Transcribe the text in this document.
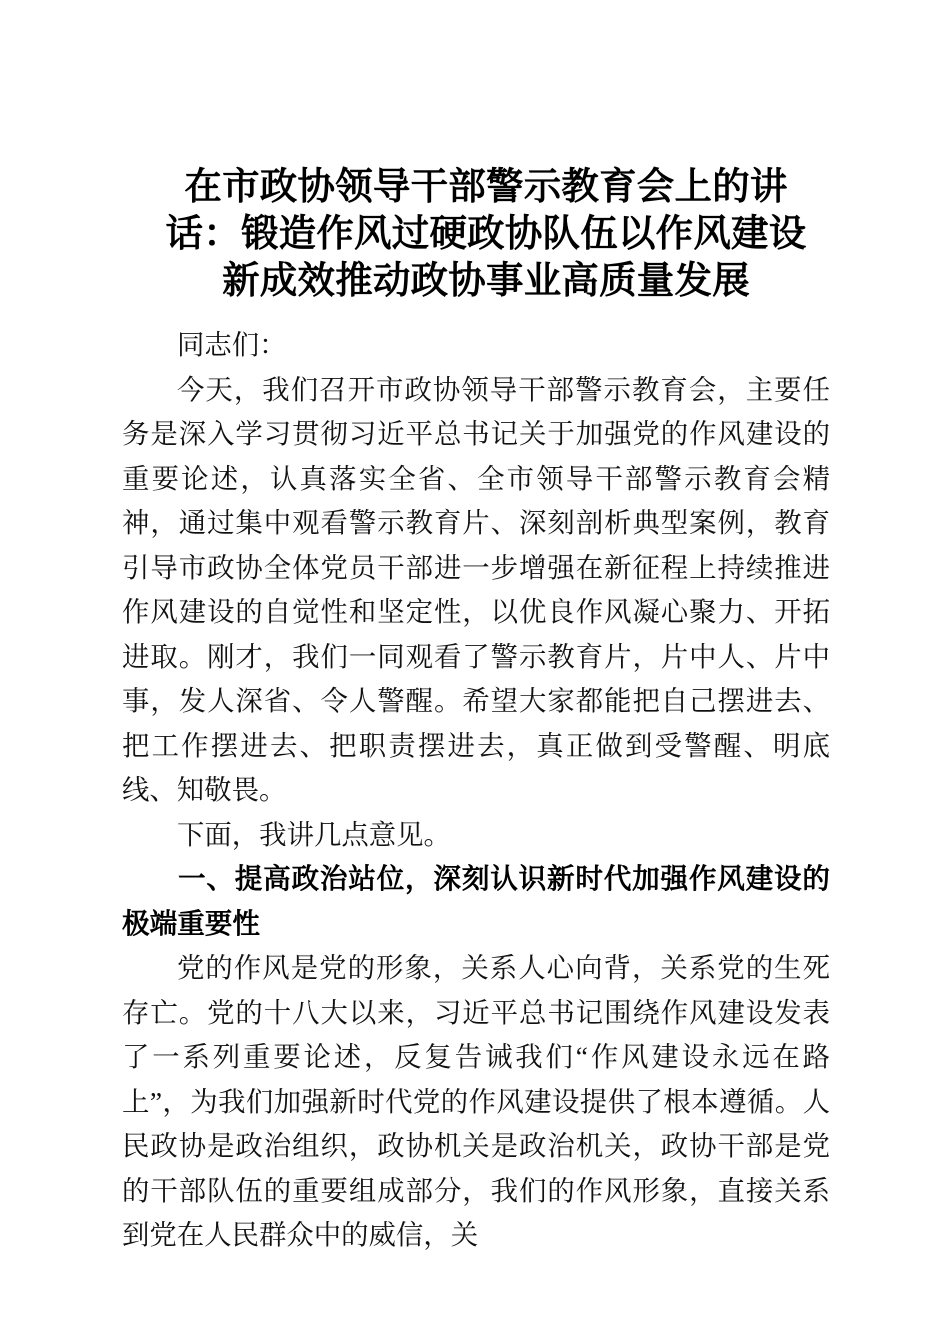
在市政协领导干部警示教育会上的讲
话：锻造作风过硬政协队伍以作风建设
新成效推动政协事业高质量发展

同志们：

今天，我们召开市政协领导干部警示教育会，主要任务是深入学习贯彻习近平总书记关于加强党的作风建设的重要论述，认真落实全省、全市领导干部警示教育会精神，通过集中观看警示教育片、深刻剖析典型案例，教育引导市政协全体党员干部进一步增强在新征程上持续推进作风建设的自觉性和坚定性，以优良作风凝心聚力、开拓进取。刚才，我们一同观看了警示教育片，片中人、片中事，发人深省、令人警醒。希望大家都能把自己摆进去、把工作摆进去、把职责摆进去，真正做到受警醒、明底线、知敬畏。

下面，我讲几点意见。

一、提高政治站位，深刻认识新时代加强作风建设的极端重要性

党的作风是党的形象，关系人心向背，关系党的生死存亡。党的十八大以来，习近平总书记围绕作风建设发表了一系列重要论述，反复告诫我们“作风建设永远在路上”，为我们加强新时代党的作风建设提供了根本遵循。人民政协是政治组织，政协机关是政治机关，政协干部是党的干部队伍的重要组成部分，我们的作风形象，直接关系到党在人民群众中的威信，关
